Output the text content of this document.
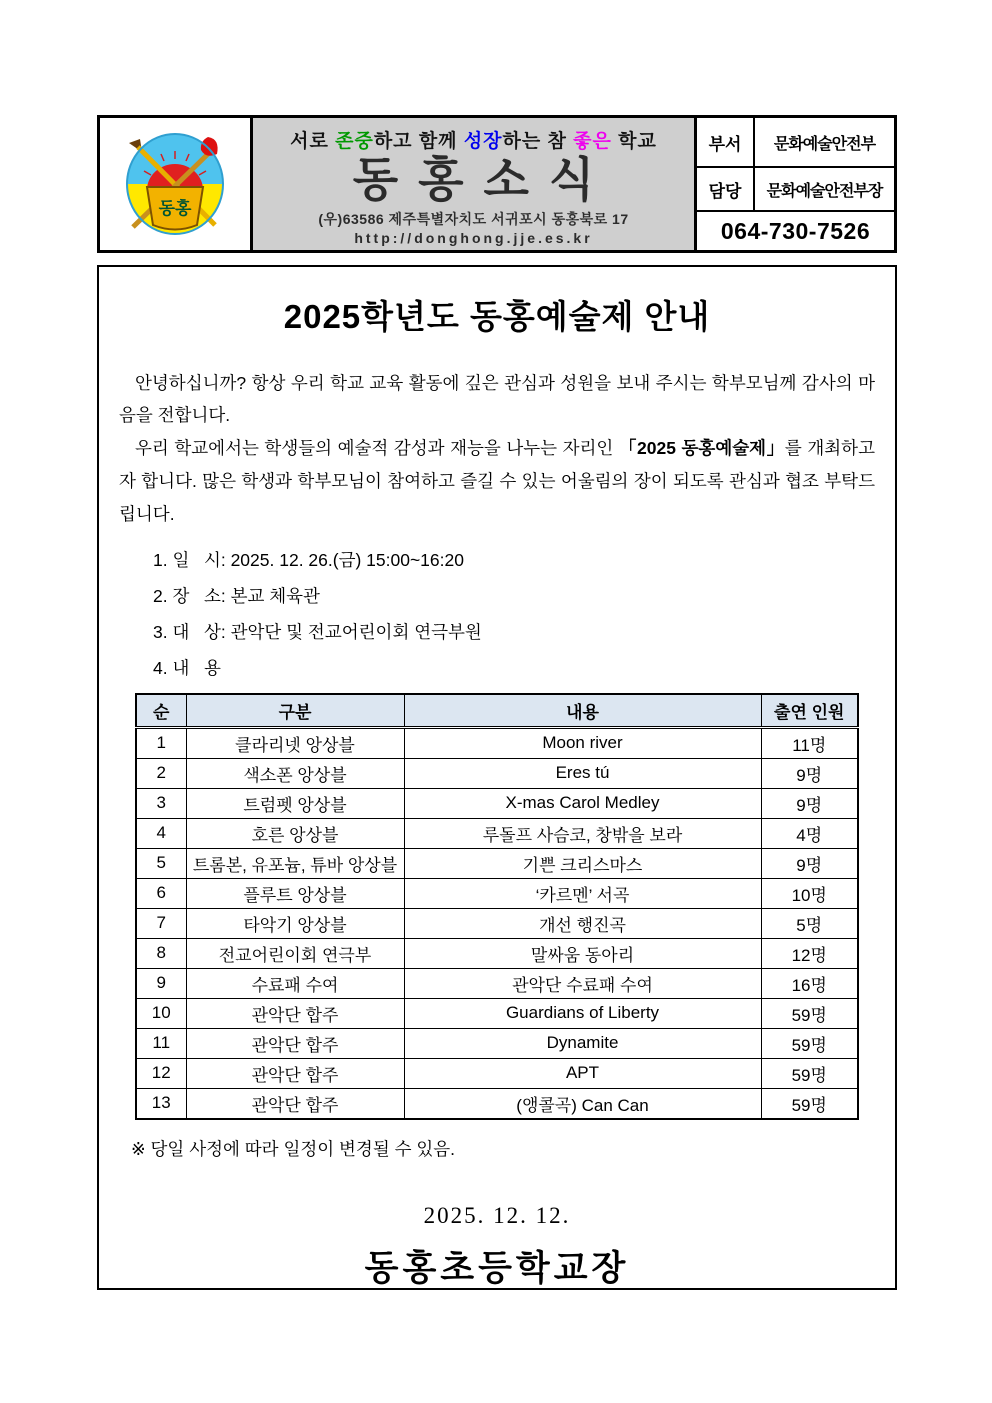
동홍
서로 존중하고 함께 성장하는 참 좋은 학교
동홍소식
(우)63586 제주특별자치도 서귀포시 동홍북로 17
http://donghong.jje.es.kr
부서	문화예술안전부
담당	문화예술안전부장
064-730-7526
2025학년도 동홍예술제 안내

안녕하십니까? 항상 우리 학교 교육 활동에 깊은 관심과 성원을 보내 주시는 학부모님께 감사의 마음을 전합니다.

우리 학교에서는 학생들의 예술적 감성과 재능을 나누는 자리인 「2025 동홍예술제」를 개최하고자 합니다. 많은 학생과 학부모님이 참여하고 즐길 수 있는 어울림의 장이 되도록 관심과 협조 부탁드립니다.

1. 일   시: 2025. 12. 26.(금) 15:00~16:20
2. 장   소: 본교 체육관
3. 대   상: 관악단 및 전교어린이회 연극부원
4. 내   용
순	구분	내용	출연 인원
1	클라리넷 앙상블	Moon river	11명
2	색소폰 앙상블	Eres tú	9명
3	트럼펫 앙상블	X-mas Carol Medley	9명
4	호른 앙상블	루돌프 사슴코, 창밖을 보라	4명
5	트롬본, 유포늄, 튜바 앙상블	기쁜 크리스마스	9명
6	플루트 앙상블	‘카르멘’ 서곡	10명
7	타악기 앙상블	개선 행진곡	5명
8	전교어린이회 연극부	말싸움 동아리	12명
9	수료패 수여	관악단 수료패 수여	16명
10	관악단 합주	Guardians of Liberty	59명
11	관악단 합주	Dynamite	59명
12	관악단 합주	APT	59명
13	관악단 합주	(앵콜곡) Can Can	59명
※ 당일 사정에 따라 일정이 변경될 수 있음.
2025. 12. 12.
동홍초등학교장
